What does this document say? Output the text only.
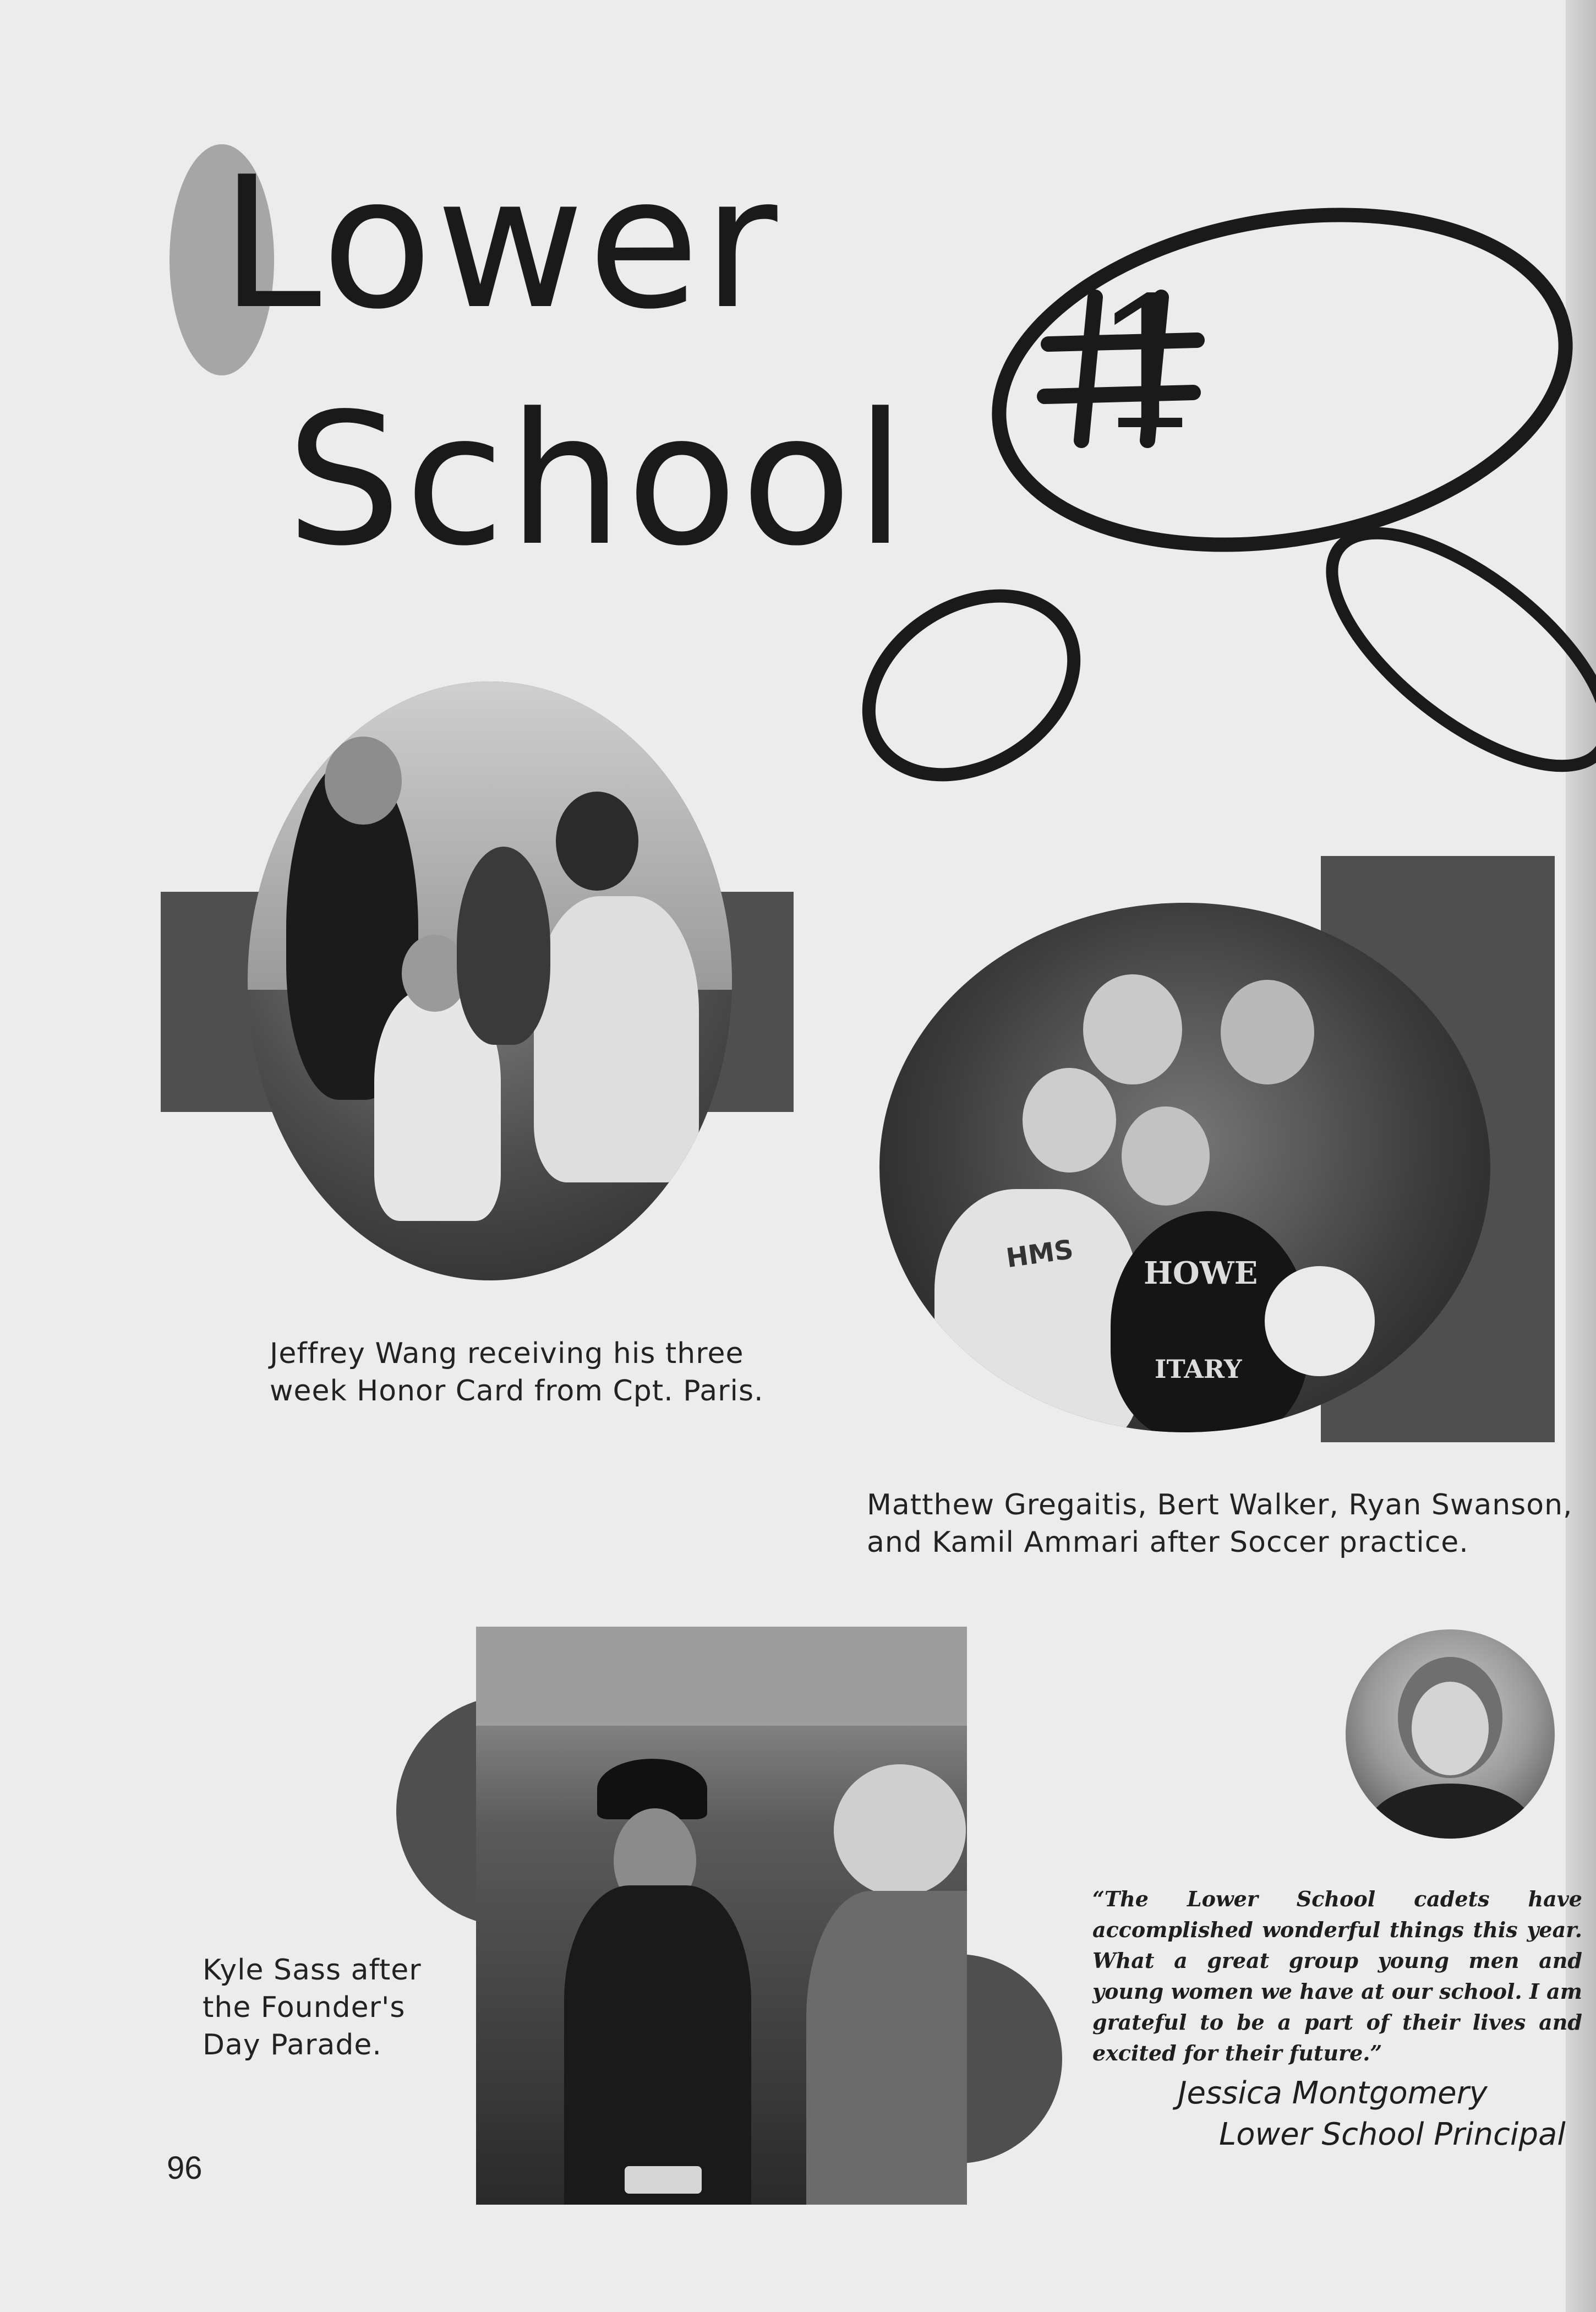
Lower
School
1
HMS HOWE
ITARY
Jeffrey Wang receiving his three
week Honor Card from Cpt. Paris.
Matthew Gregaitis, Bert Walker, Ryan Swanson,
and Kamil Ammari after Soccer practice.
Kyle Sass after
the Founder's
Day Parade.
“The Lower School cadets have accomplished wonderful things this year. What a great group young men and young women we have at our school. I am grateful to be a part of their lives and excited for their future.”
Jessica Montgomery
Lower School Principal
96
